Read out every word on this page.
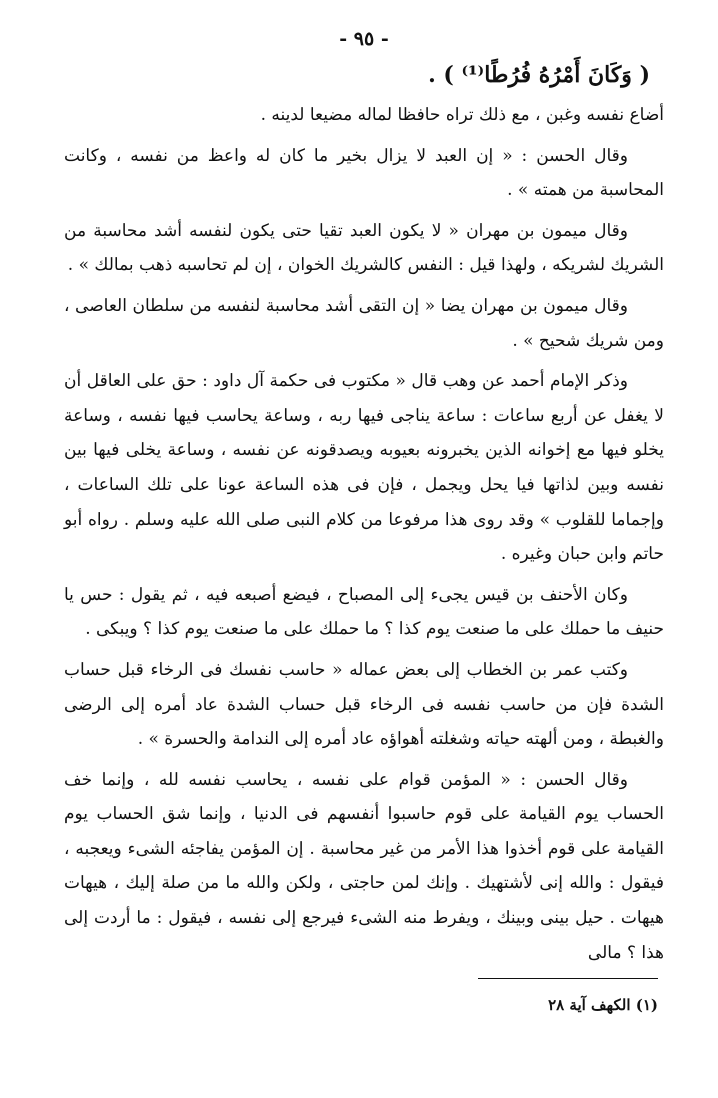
- ٩٥ -
( وَكَانَ أَمْرُهُ فُرُطًا⁽¹⁾ ) .

أضاع نفسه وغبن ، مع ذلك تراه حافظا لماله مضيعا لدينه .

وقال الحسن : « إن العبد لا يزال بخير ما كان له واعظ من نفسه ، وكانت المحاسبة من همته » .

وقال ميمون بن مهران « لا يكون العبد تقيا حتى يكون لنفسه أشد محاسبة من الشريك لشريكه ، ولهذا قيل : النفس كالشريك الخوان ، إن لم تحاسبه ذهب بمالك » .

وقال ميمون بن مهران يضا « إن التقى أشد محاسبة لنفسه من سلطان العاصى ، ومن شريك شحيح » .

وذكر الإمام أحمد عن وهب قال « مكتوب فى حكمة آل داود : حق على العاقل أن لا يغفل عن أربع ساعات : ساعة يناجى فيها ربه ، وساعة يحاسب فيها نفسه ، وساعة يخلو فيها مع إخوانه الذين يخبرونه بعيوبه ويصدقونه عن نفسه ، وساعة يخلى فيها بين نفسه وبين لذاتها فيا يحل ويجمل ، فإن فى هذه الساعة عونا على تلك الساعات ، وإجماما للقلوب » وقد روى هذا مرفوعا من كلام النبى صلى الله عليه وسلم . رواه أبو حاتم وابن حبان وغيره .

وكان الأحنف بن قيس يجىء إلى المصباح ، فيضع أصبعه فيه ، ثم يقول : حس يا حنيف ما حملك على ما صنعت يوم كذا ؟ ما حملك على ما صنعت يوم كذا ؟ ويبكى .

وكتب عمر بن الخطاب إلى بعض عماله « حاسب نفسك فى الرخاء قبل حساب الشدة فإن من حاسب نفسه فى الرخاء قبل حساب الشدة عاد أمره إلى الرضى والغبطة ، ومن ألهته حياته وشغلته أهواؤه عاد أمره إلى الندامة والحسرة » .

وقال الحسن : « المؤمن قوام على نفسه ، يحاسب نفسه لله ، وإنما خف الحساب يوم القيامة على قوم حاسبوا أنفسهم فى الدنيا ، وإنما شق الحساب يوم القيامة على قوم أخذوا هذا الأمر من غير محاسبة . إن المؤمن يفاجئه الشىء ويعجبه ، فيقول : والله إنى لأشتهيك . وإنك لمن حاجتى ، ولكن والله ما من صلة إليك ، هيهات هيهات . حيل بينى وبينك ، ويفرط منه الشىء فيرجع إلى نفسه ، فيقول : ما أردت إلى هذا ؟ مالى

(١) الكهف آية ٢٨
